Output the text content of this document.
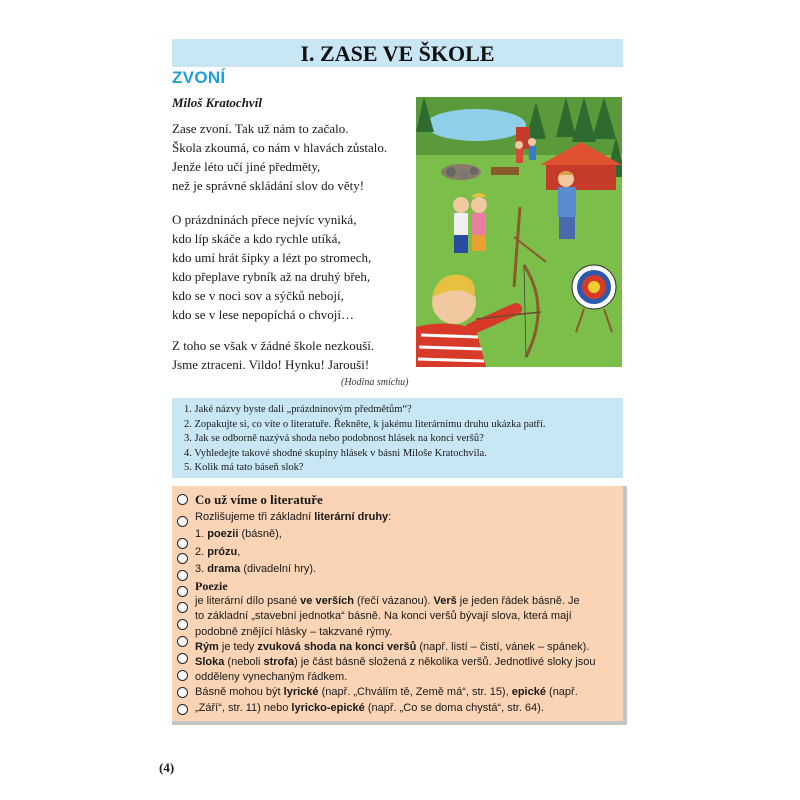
I. ZASE VE ŠKOLE
ZVONÍ
Miloš Kratochvíl
Zase zvoní. Tak už nám to začalo.
Škola zkoumá, co nám v hlavách zůstalo.
Jenže léto učí jiné předměty,
než je správné skládání slov do věty!
O prázdninách přece nejvíc vyniká,
kdo líp skáče a kdo rychle utíká,
kdo umí hrát šipky a lézt po stromech,
kdo přeplave rybník až na druhý břeh,
kdo se v noci sov a sýčků nebojí,
kdo se v lese nepopíchá o chvojí…
Z toho se však v žádné škole nezkouší.
Jsme ztraceni. Vildo! Hynku! Jarouši!
(Hodina smíchu)
1. Jaké názvy byste dali „prázdninovým předmětům“?
2. Zopakujte si, co víte o literatuře. Řekněte, k jakému literárnímu druhu ukázka patří.
3. Jak se odborně nazývá shoda nebo podobnost hlásek na konci veršů?
4. Vyhledejte takové shodné skupiny hlásek v básni Miloše Kratochvila.
5. Kolik má tato báseň slok?
Co už víme o literatuře
Rozlišujeme tři základní literární druhy:
1. poezii (básně),
2. prózu,
3. drama (divadelní hry).
Poezie
je literární dílo psané ve verších (řečí vázanou). Verš je jeden řádek básně. Je
to základní „stavební jednotka“ básně. Na konci veršů bývají slova, která mají
podobně znějící hlásky – takzvané rýmy.
Rým je tedy zvuková shoda na konci veršů (např. listí – čistí, vánek – spánek).
Sloka (neboli strofa) je část básně složená z několika veršů. Jednotlivé sloky jsou
odděleny vynechaným řádkem.
Básně mohou být lyrické (např. „Chválím tě, Země má“, str. 15), epické (např.
„Září“, str. 11) nebo lyricko-epické (např. „Co se doma chystá“, str. 64).
(4)
